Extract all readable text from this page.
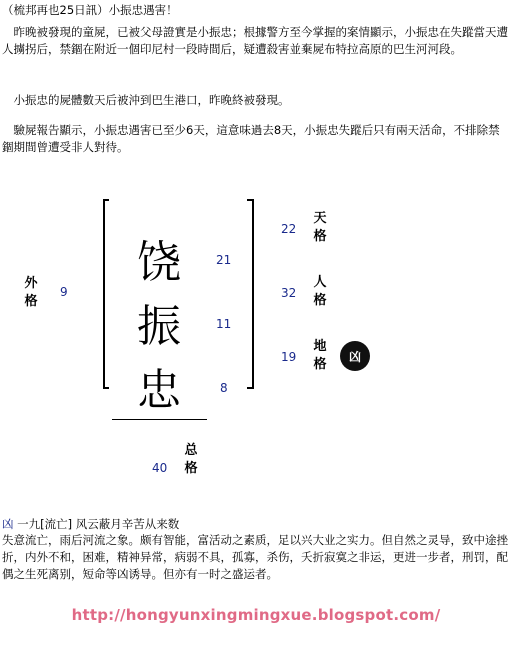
（梳邦再也25日訊）小振忠遇害！
　昨晚被發現的童屍，已被父母證實是小振忠；根據警方至今掌握的案情顯示，小振忠在失蹤當天遭人擄拐后，禁錮在附近一個印尼村一段時間后，疑遭殺害並棄屍布特拉高原的巴生河河段。
　小振忠的屍體數天后被沖到巴生港口，昨晚終被發現。
　驗屍報告顯示，小振忠遇害已至少6天，這意味過去8天，小振忠失蹤后只有兩天活命，不排除禁錮期間曾遭受非人對待。
饶
振
忠
21
11
8
22
天格
32
人格
19
地格
凶
外格
9
总格
40
凶 一九[流亡] 风云蔽月辛苦从来数
失意流亡，雨后河流之象。颇有智能，富活动之素质，足以兴大业之实力。但自然之灵导，致中途挫折，内外不和，困难，精神异常，病弱不具，孤寡，杀伤，夭折寂寞之非运，更进一步者，刑罚，配偶之生死离别，短命等凶诱导。但亦有一时之盛运者。
http://hongyunxingmingxue.blogspot.com/
